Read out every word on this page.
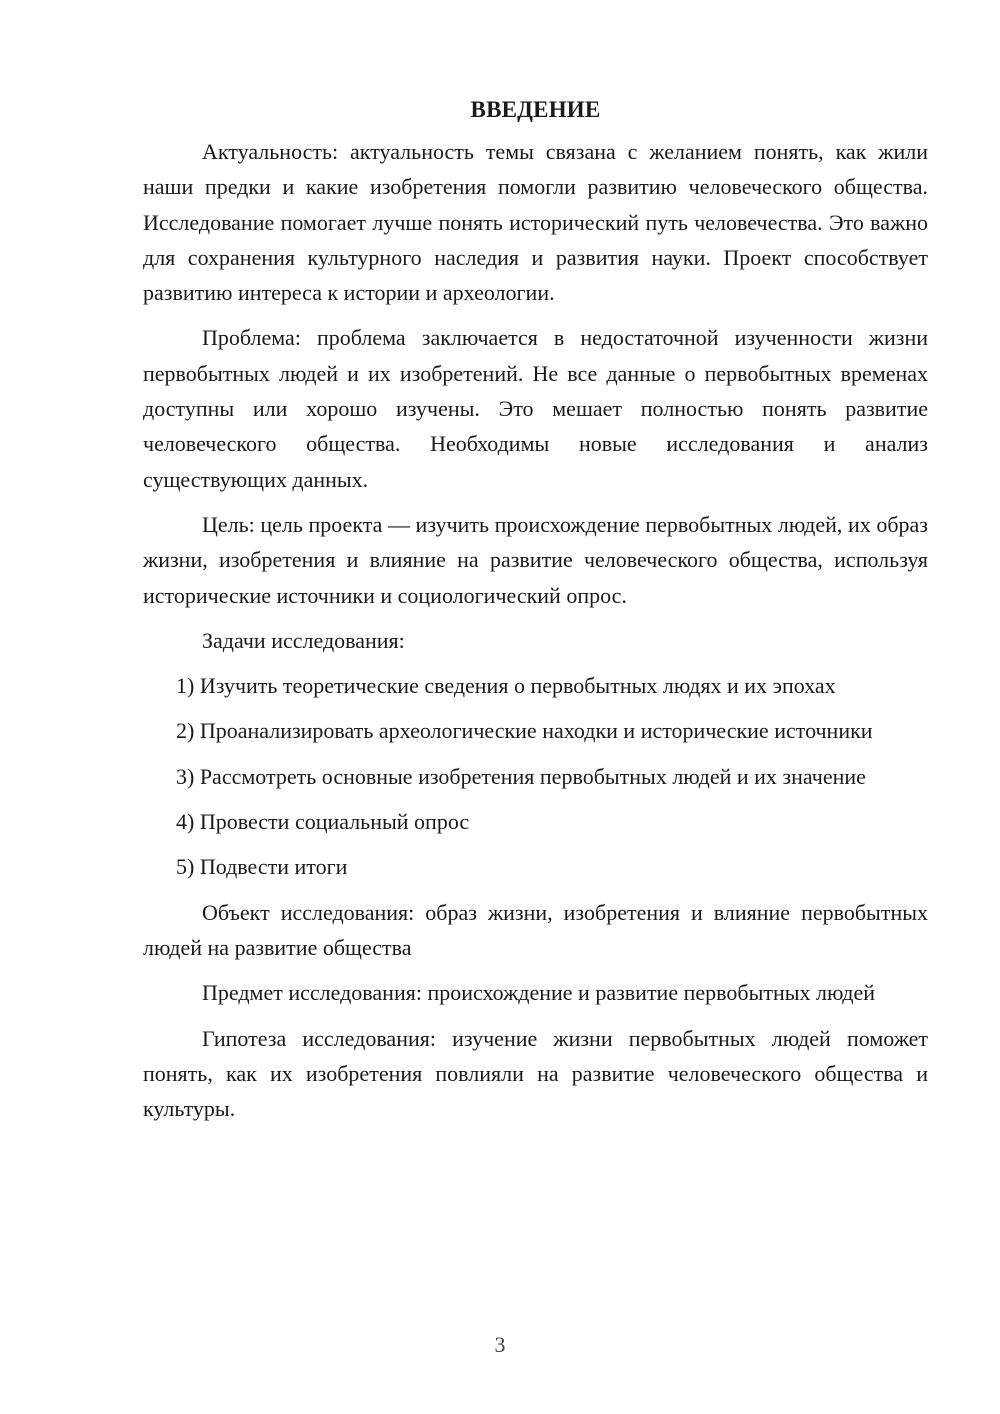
ВВЕДЕНИЕ

Актуальность: актуальность темы связана с желанием понять, как жили наши предки и какие изобретения помогли развитию человеческого общества. Исследование помогает лучше понять исторический путь человечества. Это важно для сохранения культурного наследия и развития науки. Проект способствует развитию интереса к истории и археологии.

Проблема: проблема заключается в недостаточной изученности жизни первобытных людей и их изобретений. Не все данные о первобытных временах доступны или хорошо изучены. Это мешает полностью понять развитие человеческого общества. Необходимы новые исследования и анализ существующих данных.

Цель: цель проекта — изучить происхождение первобытных людей, их образ жизни, изобретения и влияние на развитие человеческого общества, используя исторические источники и социологический опрос.

Задачи исследования:

1) Изучить теоретические сведения о первобытных людях и их эпохах

2) Проанализировать археологические находки и исторические источники

3) Рассмотреть основные изобретения первобытных людей и их значение

4) Провести социальный опрос

5) Подвести итоги

Объект исследования: образ жизни, изобретения и влияние первобытных людей на развитие общества

Предмет исследования: происхождение и развитие первобытных людей

Гипотеза исследования: изучение жизни первобытных людей поможет понять, как их изобретения повлияли на развитие человеческого общества и культуры.

3
